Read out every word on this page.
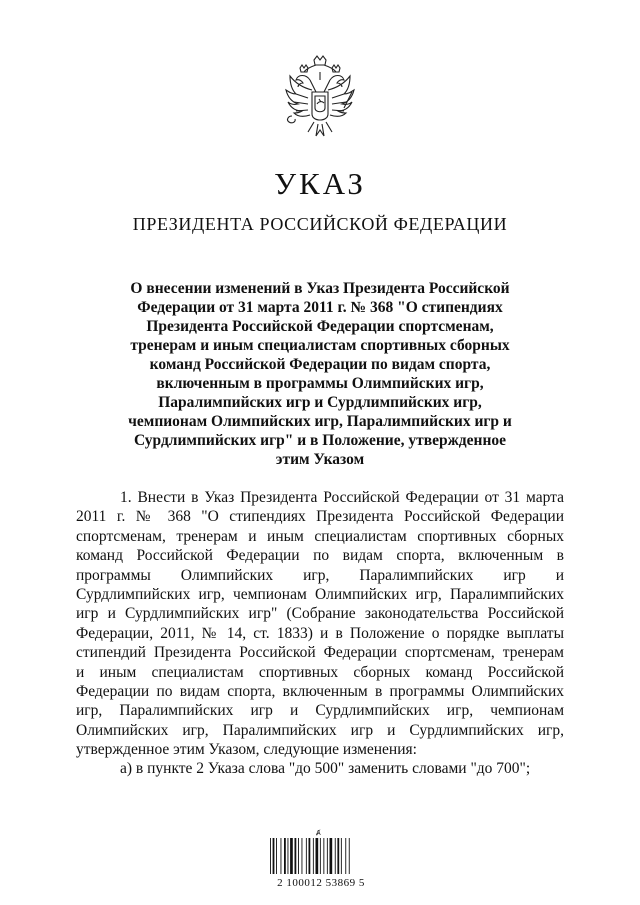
УКАЗ
ПРЕЗИДЕНТА РОССИЙСКОЙ ФЕДЕРАЦИИ
О внесении изменений в Указ Президента Российской
Федерации от 31 марта 2011 г. № 368 "О стипендиях
Президента Российской Федерации спортсменам,
тренерам и иным специалистам спортивных сборных
команд Российской Федерации по видам спорта,
включенным в программы Олимпийских игр,
Паралимпийских игр и Сурдлимпийских игр,
чемпионам Олимпийских игр, Паралимпийских игр и
Сурдлимпийских игр" и в Положение, утвержденное
этим Указом
1. Внести в Указ Президента Российской Федерации от 31 марта
2011 г. № 368 "О стипендиях Президента Российской Федерации
спортсменам, тренерам и иным специалистам спортивных сборных
команд Российской Федерации по видам спорта, включенным в
программы Олимпийских игр, Паралимпийских игр и
Сурдлимпийских игр, чемпионам Олимпийских игр, Паралимпийских
игр и Сурдлимпийских игр" (Собрание законодательства Российской
Федерации, 2011, № 14, ст. 1833) и в Положение о порядке выплаты
стипендий Президента Российской Федерации спортсменам, тренерам
и иным специалистам спортивных сборных команд Российской
Федерации по видам спорта, включенным в программы Олимпийских
игр, Паралимпийских игр и Сурдлимпийских игр, чемпионам
Олимпийских игр, Паралимпийских игр и Сурдлимпийских игр,
утвержденное этим Указом, следующие изменения:
а) в пункте 2 Указа слова "до 500" заменить словами "до 700";
Ⱥ
2 100012 53869 5
